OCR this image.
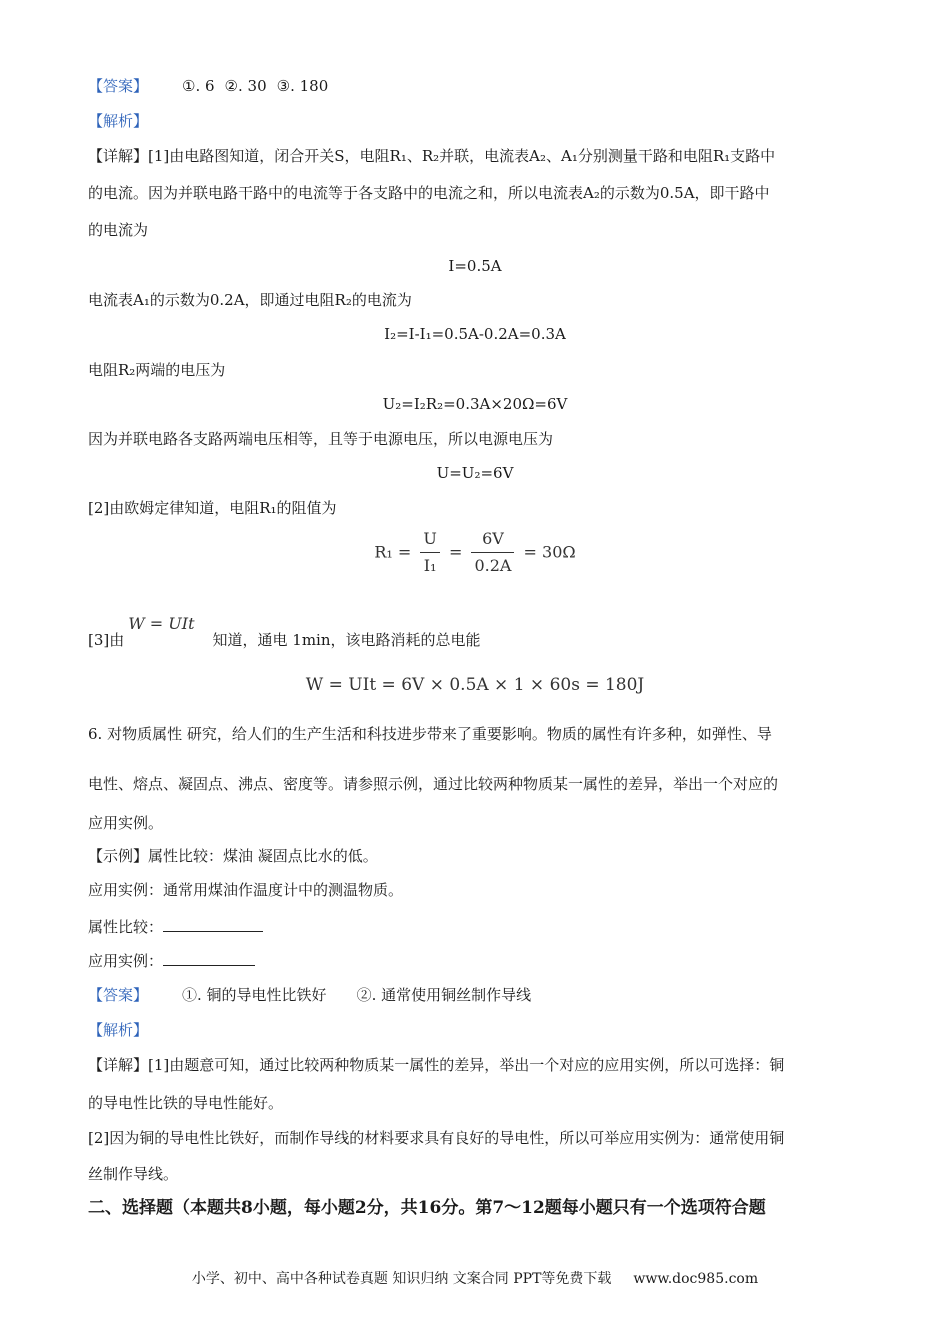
【答案】 ①. 6 ②. 30 ③. 180
【解析】
【详解】[1]由电路图知道，闭合开关S，电阻R₁、R₂并联，电流表A₂、A₁分别测量干路和电阻R₁支路中
的电流。因为并联电路干路中的电流等于各支路中的电流之和，所以电流表A₂的示数为0.5A，即干路中
的电流为
I=0.5A
电流表A₁的示数为0.2A，即通过电阻R₂的电流为
I₂=I-I₁=0.5A-0.2A=0.3A
电阻R₂两端的电压为
U₂=I₂R₂=0.3A×20Ω=6V
因为并联电路各支路两端电压相等，且等于电源电压，所以电源电压为
U=U₂=6V
[2]由欧姆定律知道，电阻R₁的阻值为
$R_1 = \frac{U}{\text{I₁}} = \frac{6V}{0.2A} = 30\Omega$
[3]由W = UIt知道，通电 1min，该电路消耗的总电能
W = UIt = 6V × 0.5A × 1 × 60s = 180J
6. 对物质属性 研究，给人们的生产生活和科技进步带来了重要影响。物质的属性有许多种，如弹性、导
电性、熔点、凝固点、沸点、密度等。请参照示例，通过比较两种物质某一属性的差异，举出一个对应的
应用实例。
【示例】属性比较：煤油 凝固点比水的低。
应用实例：通常用煤油作温度计中的测温物质。
属性比较：
应用实例：
【答案】 ①. 铜的导电性比铁好 ②. 通常使用铜丝制作导线
【解析】
【详解】[1]由题意可知，通过比较两种物质某一属性的差异，举出一个对应的应用实例，所以可选择：铜
的导电性比铁的导电性能好。
[2]因为铜的导电性比铁好，而制作导线的材料要求具有良好的导电性，所以可举应用实例为：通常使用铜
丝制作导线。
二、选择题（本题共8小题，每小题2分，共16分。第7～12题每小题只有一个选项符合题
小学、初中、高中各种试卷真题 知识归纳 文案合同 PPT等免费下载 www.doc985.com
